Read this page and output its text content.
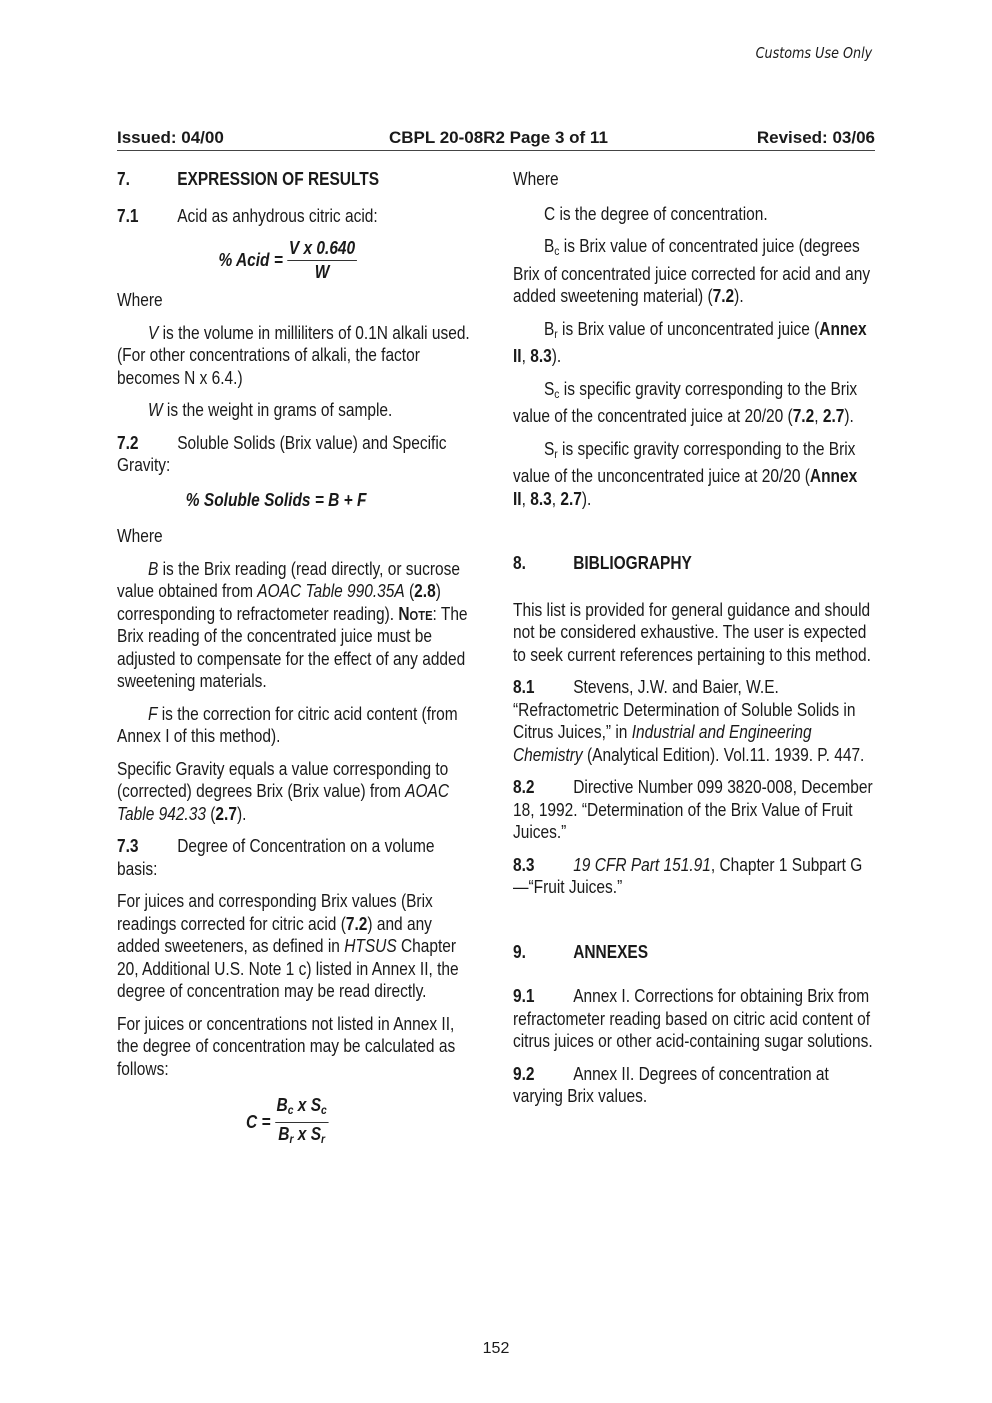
Customs Use Only
Issued: 04/00	CBPL 20-08R2 Page 3 of 11	Revised: 03/06

7.	EXPRESSION OF RESULTS

7.1 Acid as anhydrous citric acid:

% Acid = $\frac{\text{V x 0.640}}{W}$

Where

V is the volume in milliliters of 0.1N alkali used. (For other concentrations of alkali, the factor becomes N x 6.4.)

W is the weight in grams of sample.

7.2 Soluble Solids (Brix value) and Specific Gravity:

% Soluble Solids = B + F

Where

B is the Brix reading (read directly, or sucrose value obtained from AOAC Table 990.35A (2.8) corresponding to refractometer reading). Note: The Brix reading of the concentrated juice must be adjusted to compensate for the effect of any added sweetening materials.

F is the correction for citric acid content (from Annex I of this method).

Specific Gravity equals a value corresponding to (corrected) degrees Brix (Brix value) from AOAC Table 942.33 (2.7).

7.3 Degree of Concentration on a volume basis:

For juices and corresponding Brix values (Brix readings corrected for citric acid (7.2) and any added sweeteners, as defined in HTSUS Chapter 20, Additional U.S. Note 1 c) listed in Annex II, the degree of concentration may be read directly.

For juices or concentrations not listed in Annex II, the degree of concentration may be calculated as follows:

$C = \frac{B_c x S_c}{B_r x S_r}$

Where

C is the degree of concentration.

$B_c$ is Brix value of concentrated juice (degrees Brix of concentrated juice corrected for acid and any added sweetening material) (7.2).

$B_r$ is Brix value of unconcentrated juice (Annex II, 8.3).

$S_c$ is specific gravity corresponding to the Brix value of the concentrated juice at 20/20 (7.2, 2.7).

$S_r$ is specific gravity corresponding to the Brix value of the unconcentrated juice at 20/20 (Annex II, 8.3, 2.7).

8.	BIBLIOGRAPHY

This list is provided for general guidance and should not be considered exhaustive. The user is expected to seek current references pertaining to this method.

8.1 Stevens, J.W. and Baier, W.E. “Refractometric Determination of Soluble Solids in Citrus Juices,” in Industrial and Engineering Chemistry (Analytical Edition). Vol.11. 1939. P. 447.

8.2 Directive Number 099 3820-008, December 18, 1992. “Determination of the Brix Value of Fruit Juices.”

8.3 19 CFR Part 151.91, Chapter 1 Subpart G—“Fruit Juices.”

9.	ANNEXES

9.1 Annex I. Corrections for obtaining Brix from refractometer reading based on citric acid content of citrus juices or other acid-containing sugar solutions.

9.2 Annex II. Degrees of concentration at varying Brix values.

152
